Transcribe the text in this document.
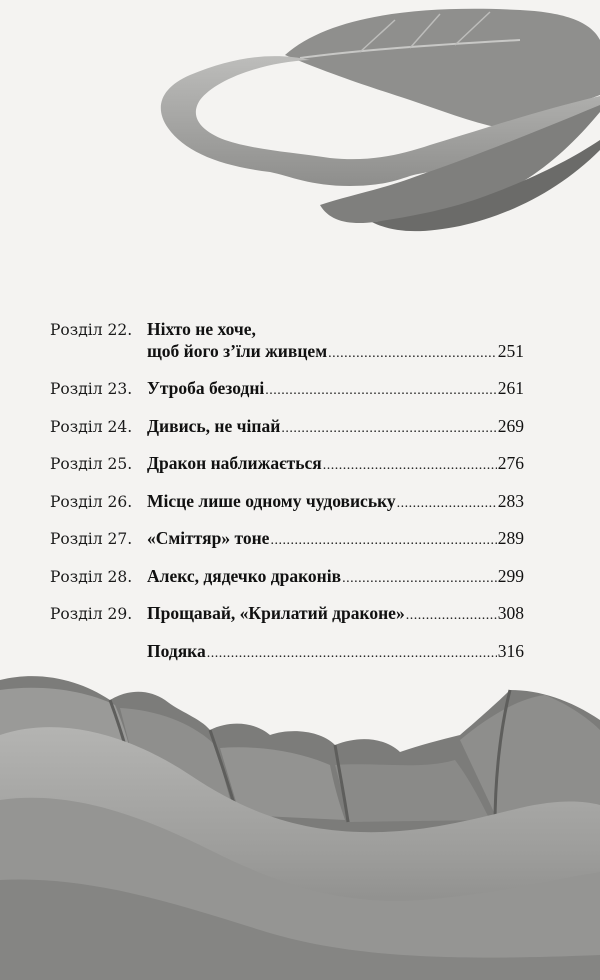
Розділ 22. Ніхто не хоче,
щоб його з’їли живцем .....	251
Розділ 23. Утроба безодні .....	261
Розділ 24. Дивись, не чіпай .....	269
Розділ 25. Дракон наближається .....	276
Розділ 26. Місце лише одному чудовиську .....	283
Розділ 27. «Сміттяр» тоне .....	289
Розділ 28. Алекс, дядечко драконів .....	299
Розділ 29. Прощавай, «Крилатий драконе» .....	308
Подяка .....	316
